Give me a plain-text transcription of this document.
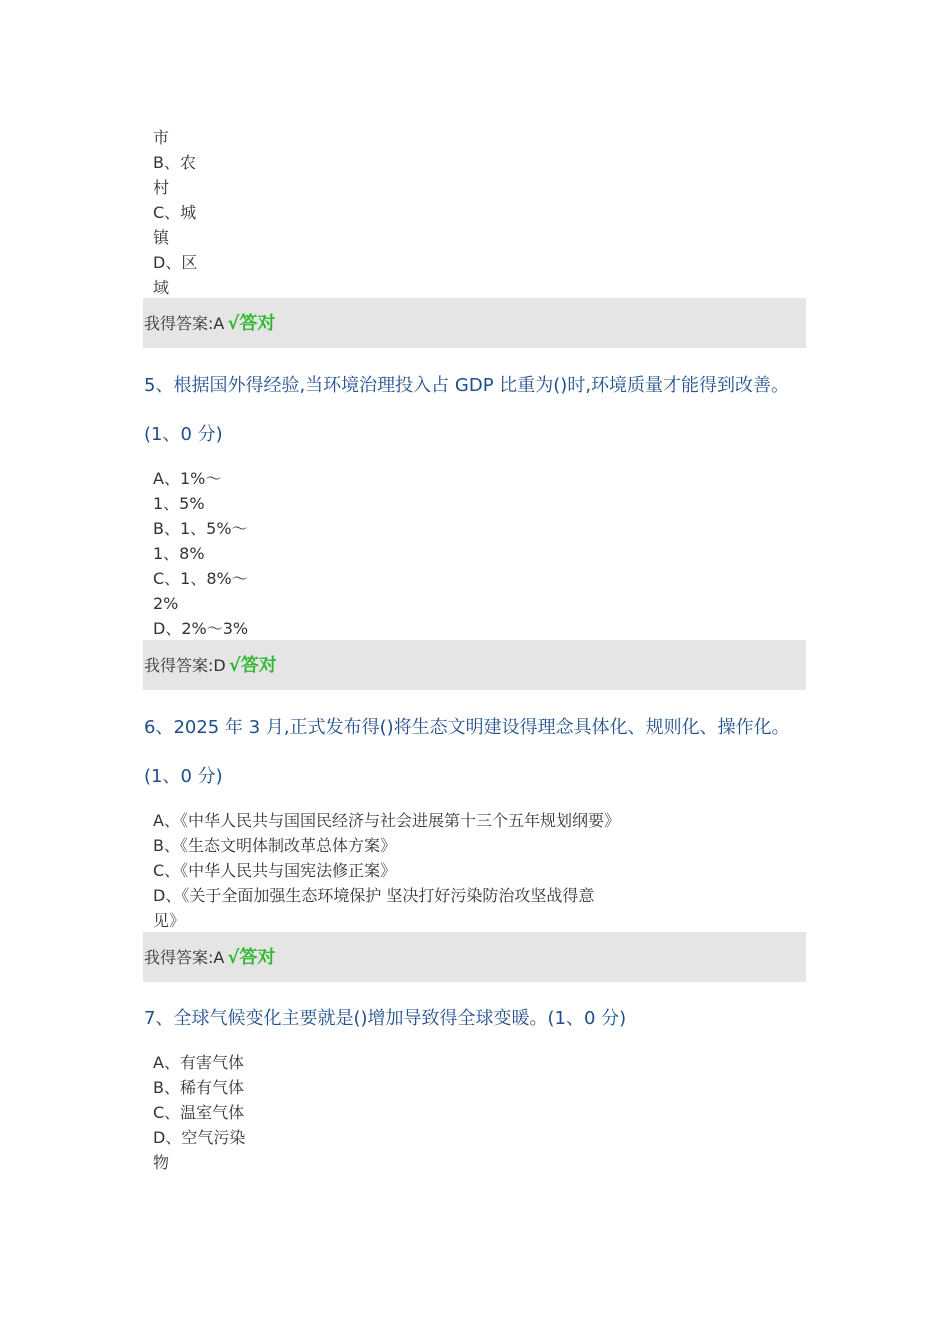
市
B、农
村
C、城
镇
D、区
域
我得答案:A √答对
5、根据国外得经验,当环境治理投入占 GDP 比重为()时,环境质量才能得到改善。
(1、0 分)
A、1%～
1、5%
B、1、5%～
1、8%
C、1、8%～
2%
D、2%～3%
我得答案:D √答对
6、2025 年 3 月,正式发布得()将生态文明建设得理念具体化、规则化、操作化。
(1、0 分)
A、《中华人民共与国国民经济与社会进展第十三个五年规划纲要》
B、《生态文明体制改革总体方案》
C、《中华人民共与国宪法修正案》
D、《关于全面加强生态环境保护 坚决打好污染防治攻坚战得意
见》
我得答案:A √答对
7、全球气候变化主要就是()增加导致得全球变暖。(1、0 分)
A、有害气体
B、稀有气体
C、温室气体
D、空气污染
物
